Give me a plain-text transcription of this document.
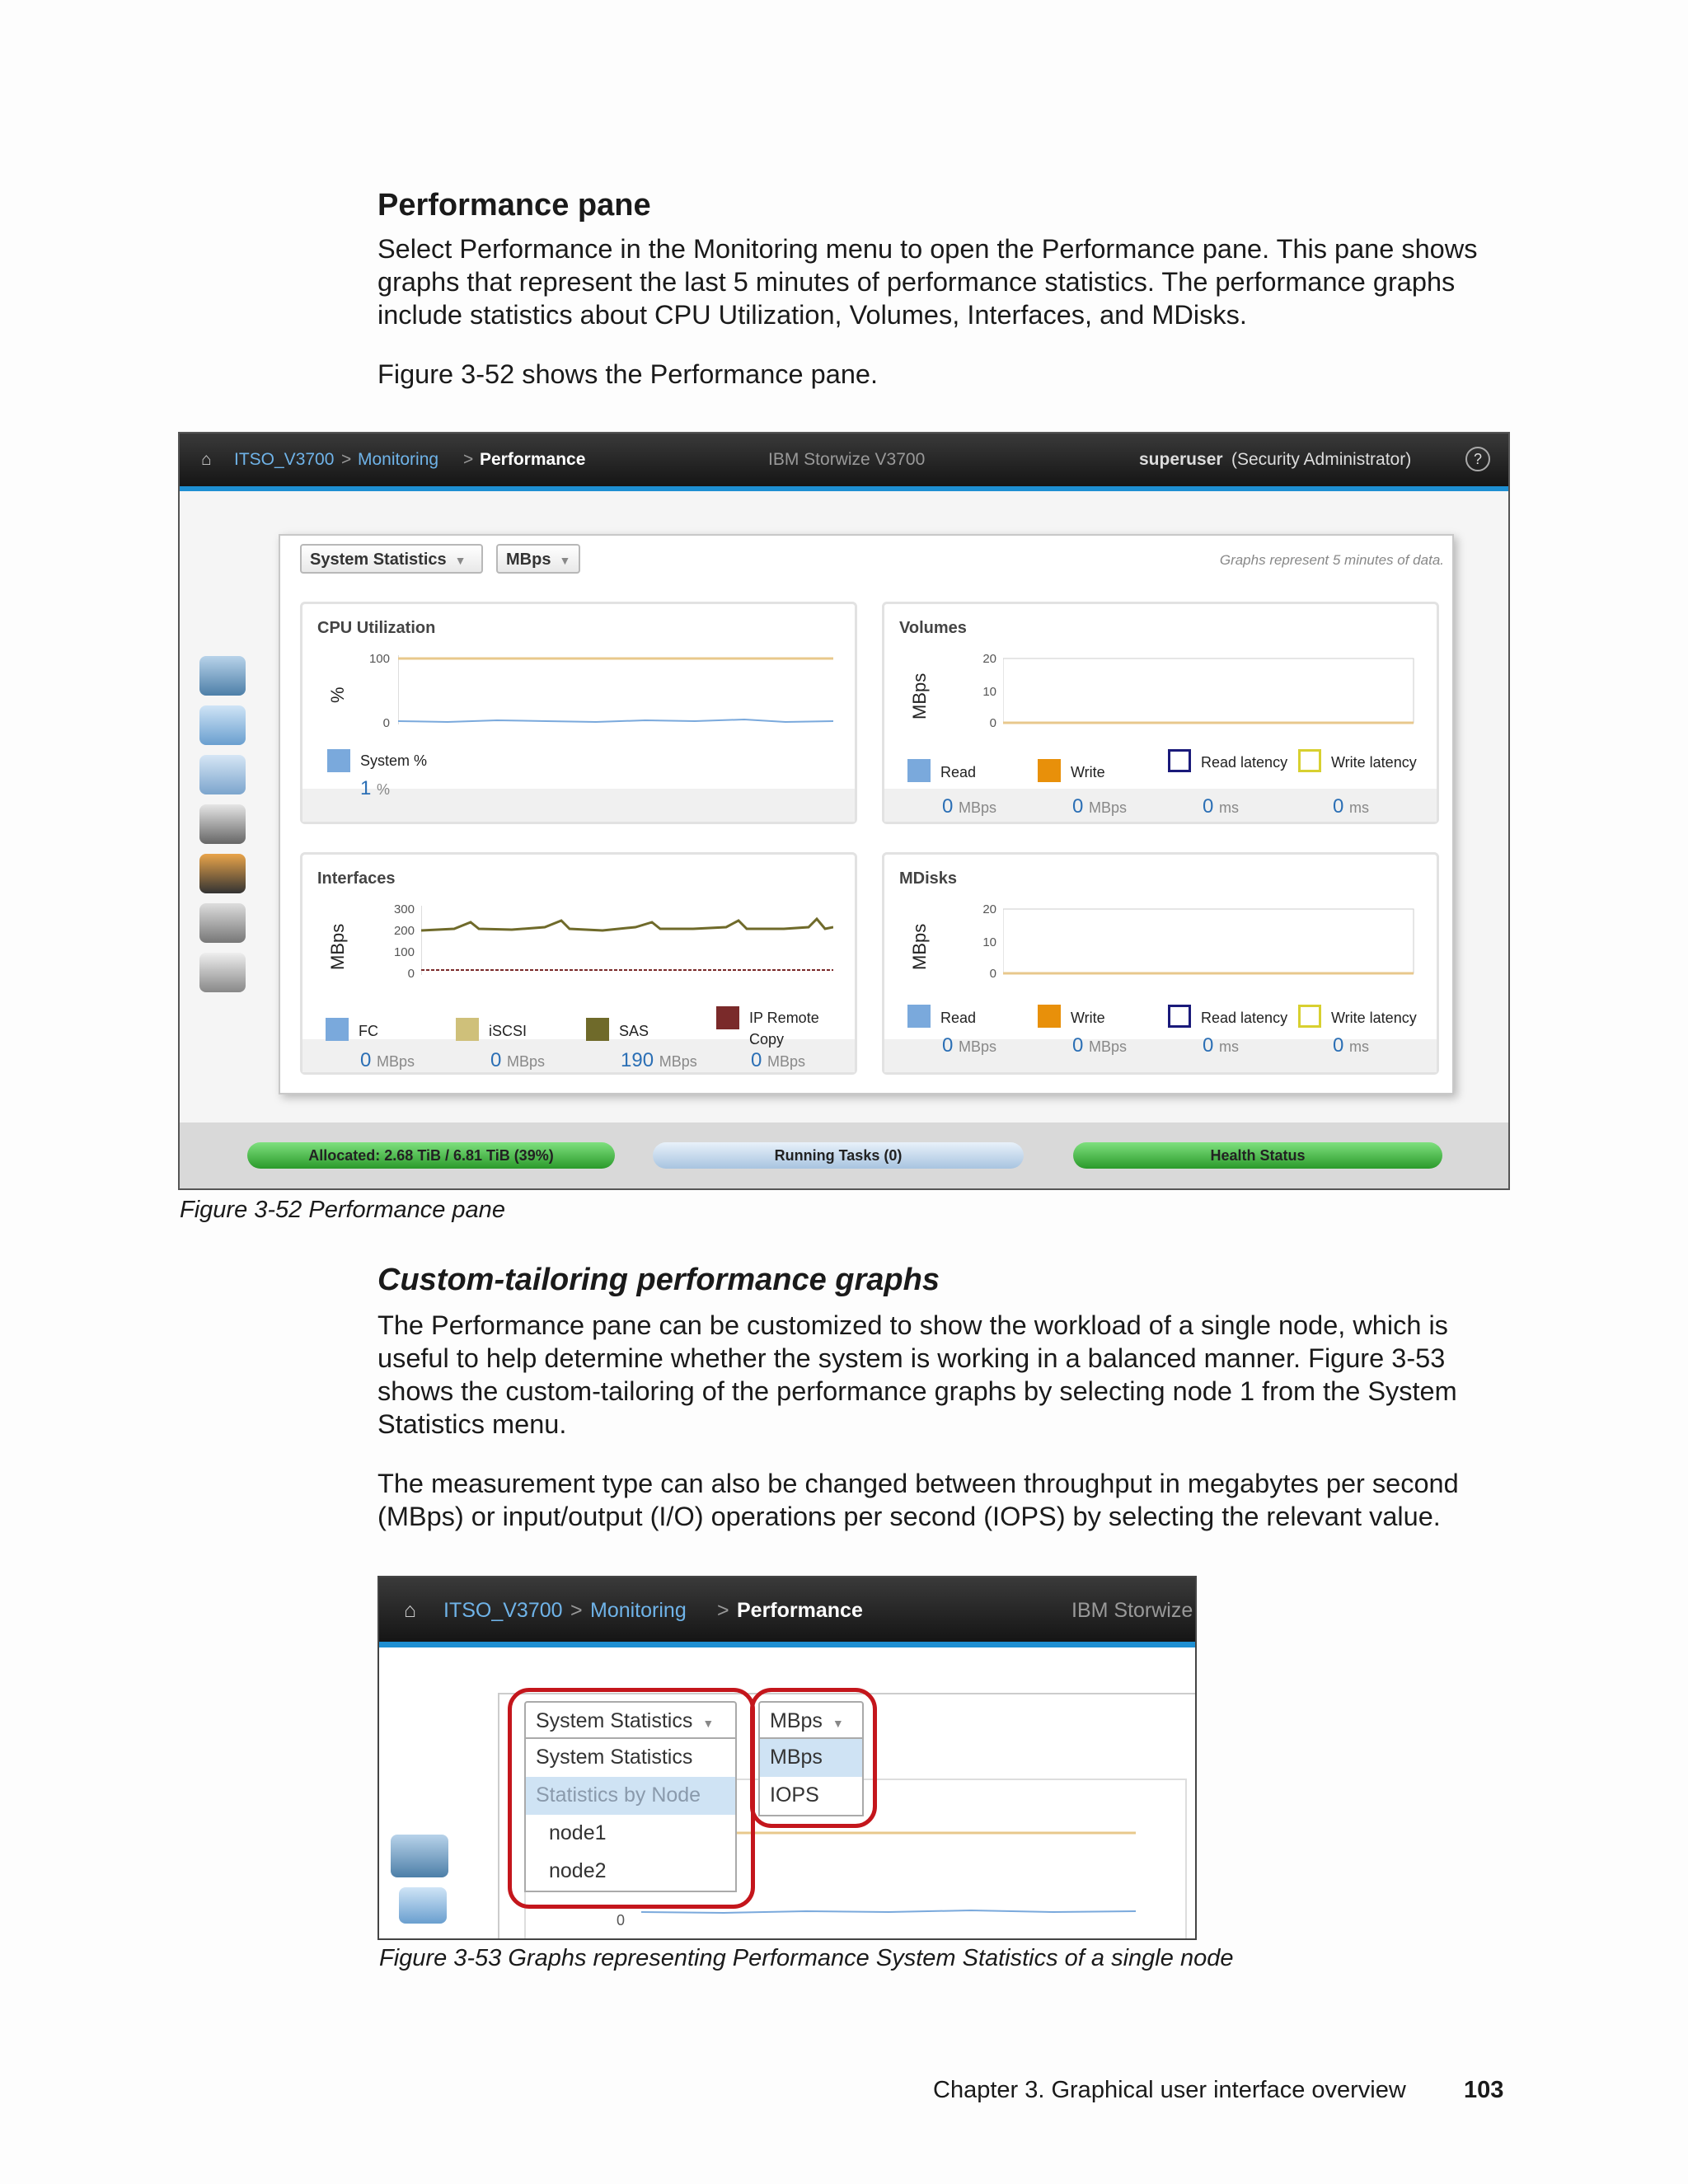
Performance pane
Select Performance in the Monitoring menu to open the Performance pane. This pane shows graphs that represent the last 5 minutes of performance statistics. The performance graphs include statistics about CPU Utilization, Volumes, Interfaces, and MDisks.
Figure 3-52 shows the Performance pane.
⌂ ITSO_V3700 > Monitoring > Performance	IBM Storwize V3700	superuser (Security Administrator)	?
System Statistics ▼	MBps ▼	Graphs represent 5 minutes of data.
CPU Utilization
%
100
0
System %
1 %
Volumes
MBps
20
10
0
Read	Write
Read latency	Write latency
0 MBps	0 MBps	0 ms	0 ms
Interfaces
MBps
300
200
100
0
FC	iSCSI	SAS
IP Remote
Copy
0 MBps	0 MBps	190 MBps	0 MBps
MDisks
MBps
20
10
0
Read	Write	Read latency	Write latency
0 MBps	0 MBps	0 ms	0 ms
Allocated: 2.68 TiB / 6.81 TiB (39%)	Running Tasks (0)	Health Status
Figure 3-52 Performance pane
Custom-tailoring performance graphs
The Performance pane can be customized to show the workload of a single node, which is useful to help determine whether the system is working in a balanced manner. Figure 3-53 shows the custom-tailoring of the performance graphs by selecting node 1 from the System Statistics menu.
The measurement type can also be changed between throughput in megabytes per second (MBps) or input/output (I/O) operations per second (IOPS) by selecting the relevant value.
⌂ ITSO_V3700 > Monitoring > Performance	IBM Storwize
0
System Statistics ▼
System Statistics
Statistics by Node
node1
node2
MBps ▼
MBps
IOPS
Figure 3-53 Graphs representing Performance System Statistics of a single node
Chapter 3. Graphical user interface overview 103
